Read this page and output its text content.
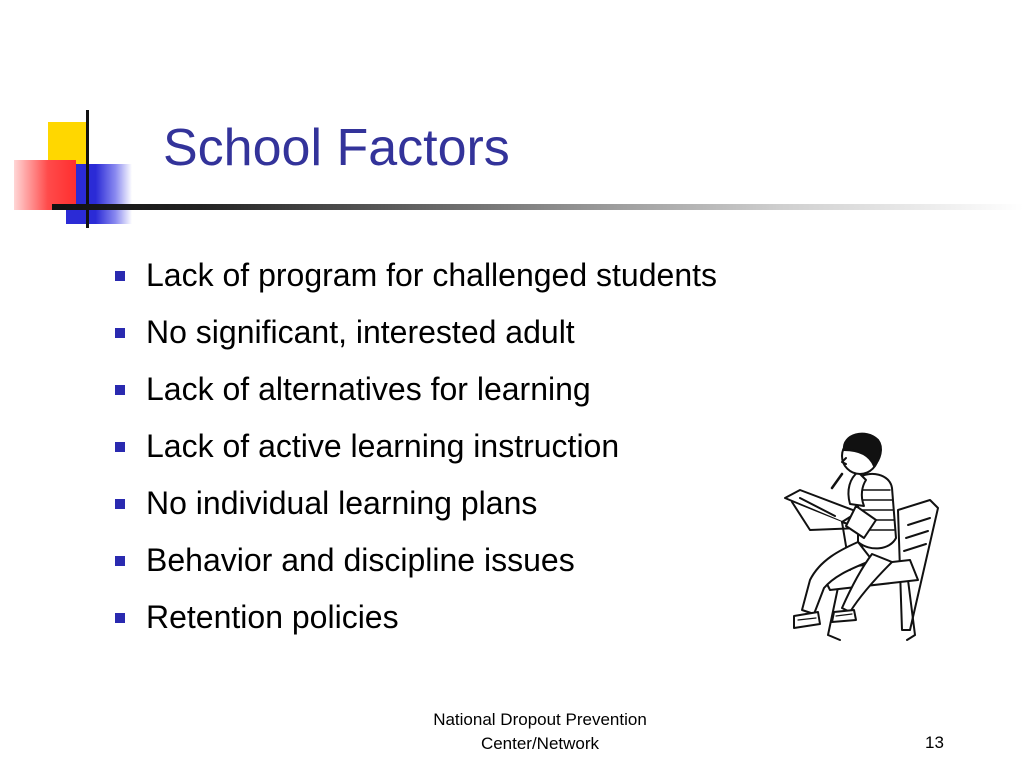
School Factors
Lack of program for challenged students
No significant, interested adult
Lack of alternatives for learning
Lack of active learning instruction
No individual learning plans
Behavior and discipline issues
Retention policies
National Dropout Prevention
Center/Network	13
